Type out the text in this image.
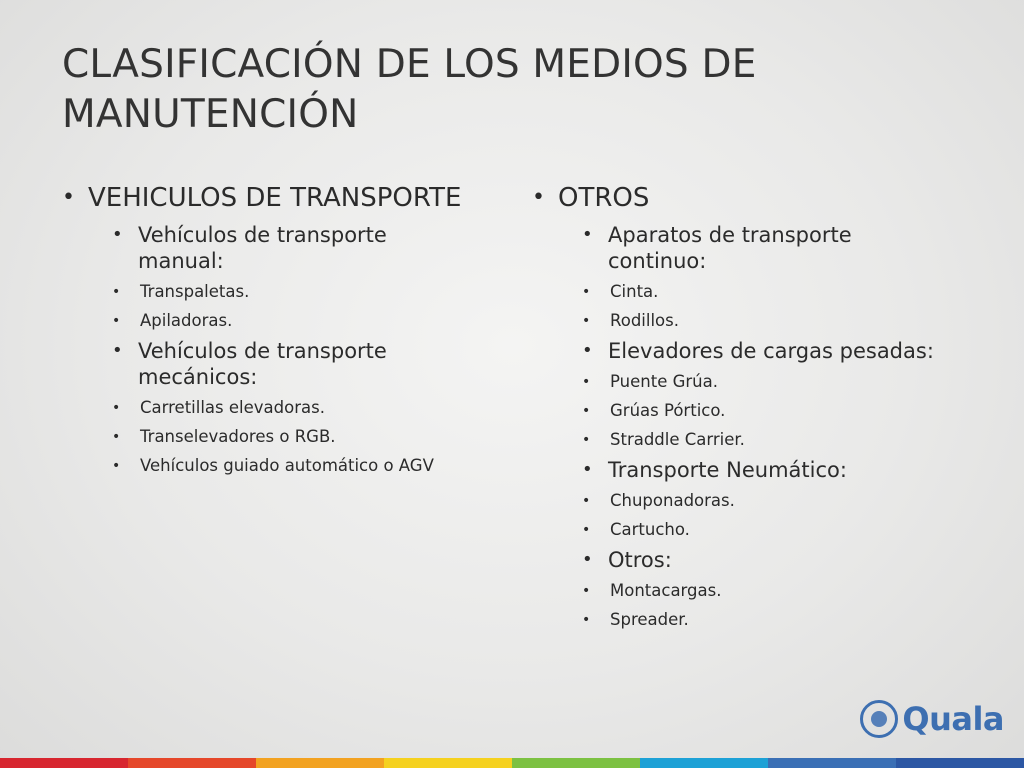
CLASIFICACIÓN DE LOS MEDIOS DE
MANUTENCIÓN
• VEHICULOS DE TRANSPORTE
• Vehículos de transporte
manual:
• Transpaletas.
• Apiladoras.
• Vehículos de transporte
mecánicos:
• Carretillas elevadoras.
• Transelevadores o RGB.
• Vehículos guiado automático o AGV
• OTROS
• Aparatos de transporte
continuo:
• Cinta.
• Rodillos.
• Elevadores de cargas pesadas:
• Puente Grúa.
• Grúas Pórtico.
• Straddle Carrier.
• Transporte Neumático:
• Chuponadoras.
• Cartucho.
• Otros:
• Montacargas.
• Spreader.
Quala
